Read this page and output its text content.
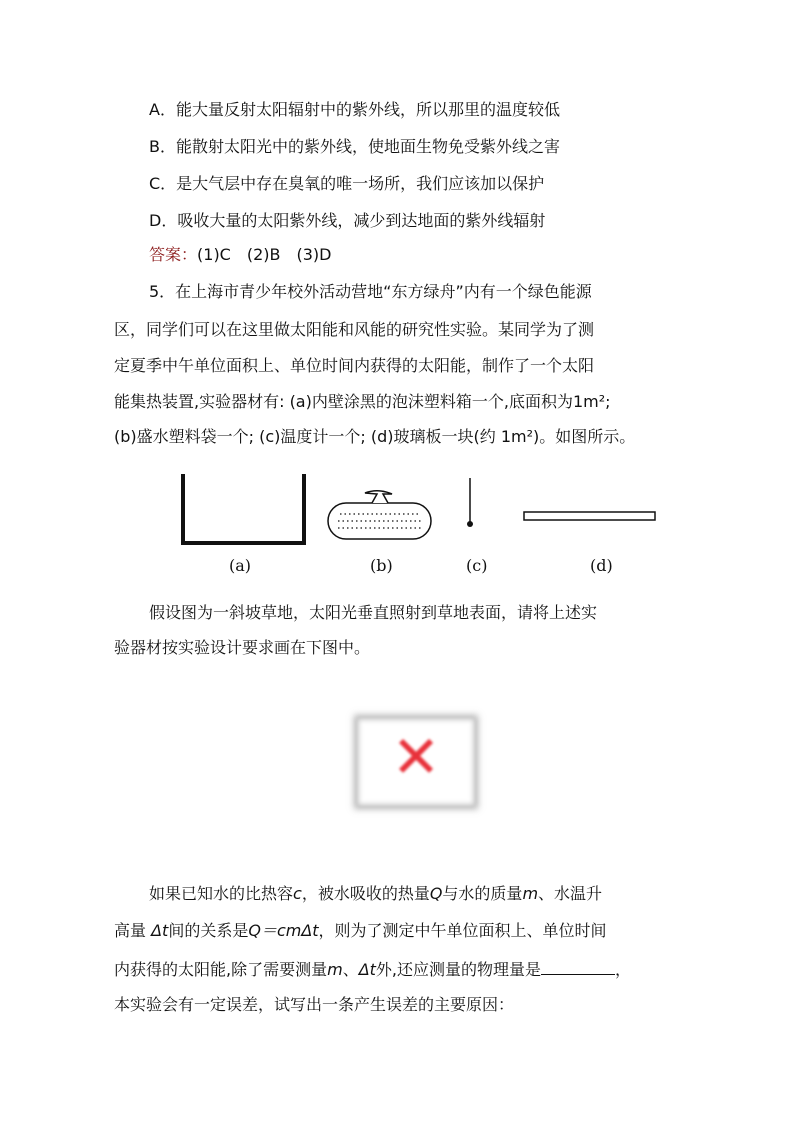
A．能大量反射太阳辐射中的紫外线，所以那里的温度较低
B．能散射太阳光中的紫外线，使地面生物免受紫外线之害
C．是大气层中存在臭氧的唯一场所，我们应该加以保护
D．吸收大量的太阳紫外线，减少到达地面的紫外线辐射
答案：(1)C　(2)B　(3)D
5．在上海市青少年校外活动营地“东方绿舟”内有一个绿色能源
区，同学们可以在这里做太阳能和风能的研究性实验。某同学为了测
定夏季中午单位面积上、单位时间内获得的太阳能，制作了一个太阳
能集热装置,实验器材有: (a)内壁涂黑的泡沫塑料箱一个,底面积为1m²;
(b)盛水塑料袋一个; (c)温度计一个; (d)玻璃板一块(约 1m²)。如图所示。
(a)	(b)	(c)	(d)
假设图为一斜坡草地，太阳光垂直照射到草地表面，请将上述实
验器材按实验设计要求画在下图中。
✕
如果已知水的比热容c，被水吸收的热量Q与水的质量m、水温升
高量 Δt间的关系是Q＝cmΔt，则为了测定中午单位面积上、单位时间
内获得的太阳能,除了需要测量m、Δt外,还应测量的物理量是	，
本实验会有一定误差，试写出一条产生误差的主要原因：
